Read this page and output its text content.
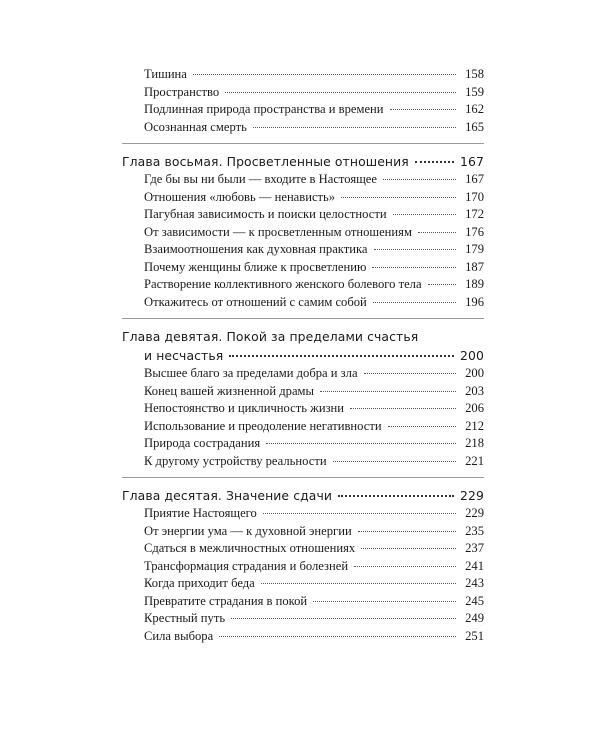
Тишина	158
Пространство	159
Подлинная природа пространства и времени	162
Осознанная смерть	165
Глава восьмая. Просветленные отношения	167
Где бы вы ни были — входите в Настоящее	167
Отношения «любовь — ненависть»	170
Пагубная зависимость и поиски целостности	172
От зависимости — к просветленным отношениям	176
Взаимоотношения как духовная практика	179
Почему женщины ближе к просветлению	187
Растворение коллективного женского болевого тела	189
Откажитесь от отношений с самим собой	196
Глава девятая. Покой за пределами счастья
и несчастья	200
Высшее благо за пределами добра и зла	200
Конец вашей жизненной драмы	203
Непостоянство и цикличность жизни	206
Использование и преодоление негативности	212
Природа сострадания	218
К другому устройству реальности	221
Глава десятая. Значение сдачи	229
Приятие Настоящего	229
От энергии ума — к духовной энергии	235
Сдаться в межличностных отношениях	237
Трансформация страдания и болезней	241
Когда приходит беда	243
Превратите страдания в покой	245
Крестный путь	249
Сила выбора	251
